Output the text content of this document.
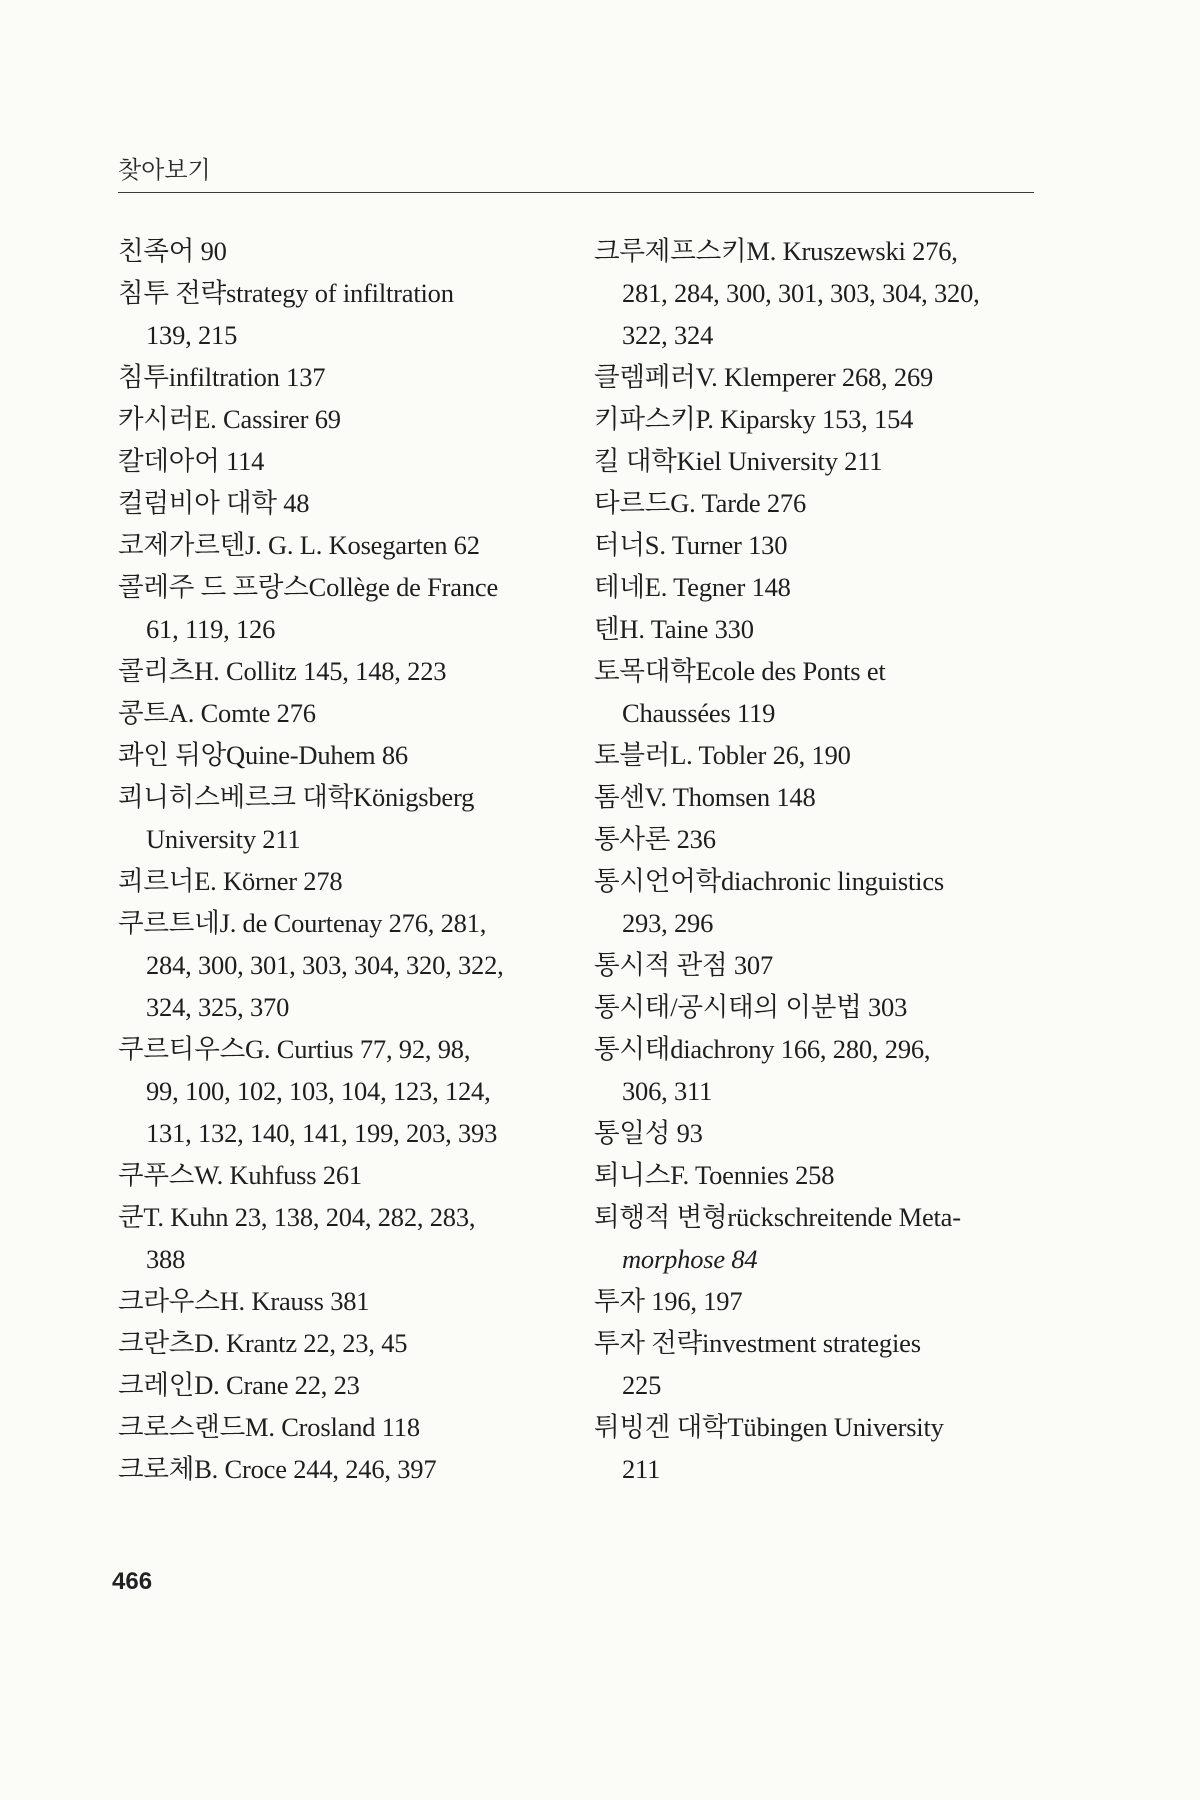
찾아보기
친족어 90
침투 전략strategy of infiltration
139, 215
침투infiltration 137
카시러E. Cassirer 69
칼데아어 114
컬럼비아 대학 48
코제가르텐J. G. L. Kosegarten 62
콜레주 드 프랑스Collège de France
61, 119, 126
콜리츠H. Collitz 145, 148, 223
콩트A. Comte 276
콰인 뒤앙Quine-Duhem 86
쾨니히스베르크 대학Königsberg
University 211
쾨르너E. Körner 278
쿠르트네J. de Courtenay 276, 281,
284, 300, 301, 303, 304, 320, 322,
324, 325, 370
쿠르티우스G. Curtius 77, 92, 98,
99, 100, 102, 103, 104, 123, 124,
131, 132, 140, 141, 199, 203, 393
쿠푸스W. Kuhfuss 261
쿤T. Kuhn 23, 138, 204, 282, 283,
388
크라우스H. Krauss 381
크란츠D. Krantz 22, 23, 45
크레인D. Crane 22, 23
크로스랜드M. Crosland 118
크로체B. Croce 244, 246, 397
크루제프스키M. Kruszewski 276,
281, 284, 300, 301, 303, 304, 320,
322, 324
클렘페러V. Klemperer 268, 269
키파스키P. Kiparsky 153, 154
킬 대학Kiel University 211
타르드G. Tarde 276
터너S. Turner 130
테네E. Tegner 148
텐H. Taine 330
토목대학Ecole des Ponts et
Chaussées 119
토블러L. Tobler 26, 190
톰센V. Thomsen 148
통사론 236
통시언어학diachronic linguistics
293, 296
통시적 관점 307
통시태/공시태의 이분법 303
통시태diachrony 166, 280, 296,
306, 311
통일성 93
퇴니스F. Toennies 258
퇴행적 변형rückschreitende Meta-
morphose 84
투자 196, 197
투자 전략investment strategies
225
튀빙겐 대학Tübingen University
211
466
